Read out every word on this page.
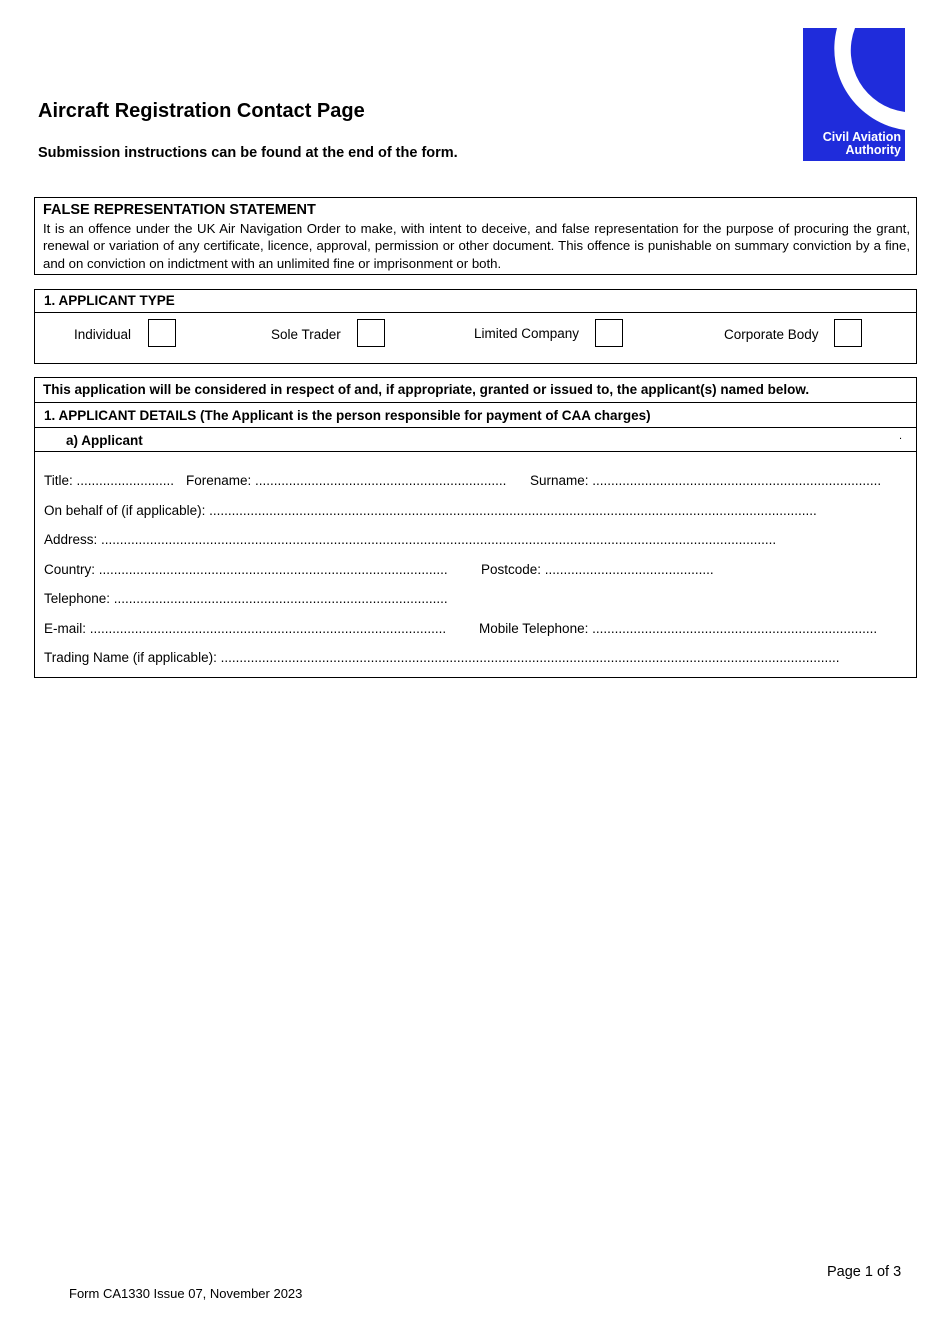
Aircraft Registration Contact Page
Submission instructions can be found at the end of the form.
Civil Aviation
Authority
FALSE REPRESENTATION STATEMENT
It is an offence under the UK Air Navigation Order to make, with intent to deceive, and false representation for the purpose of procuring the grant, renewal or variation of any certificate, licence, approval, permission or other document. This offence is punishable on summary conviction by a fine, and on conviction on indictment with an unlimited fine or imprisonment or both.
1. APPLICANT TYPE
Individual	Sole Trader	Limited Company	Corporate Body
This application will be considered in respect of and, if appropriate, granted or issued to, the applicant(s) named below.
1. APPLICANT DETAILS (The Applicant is the person responsible for payment of CAA charges)
a) Applicant	.
Title: .......................... Forename: ...................................................................	Surname: .............................................................................
On behalf of (if applicable): ..................................................................................................................................................................
Address: ....................................................................................................................................................................................
Country: .............................................................................................	Postcode: .............................................
Telephone: .........................................................................................
E-mail: ...............................................................................................	Mobile Telephone: ............................................................................
Trading Name (if applicable): .....................................................................................................................................................................
Page 1 of 3
Form CA1330 Issue 07, November 2023
